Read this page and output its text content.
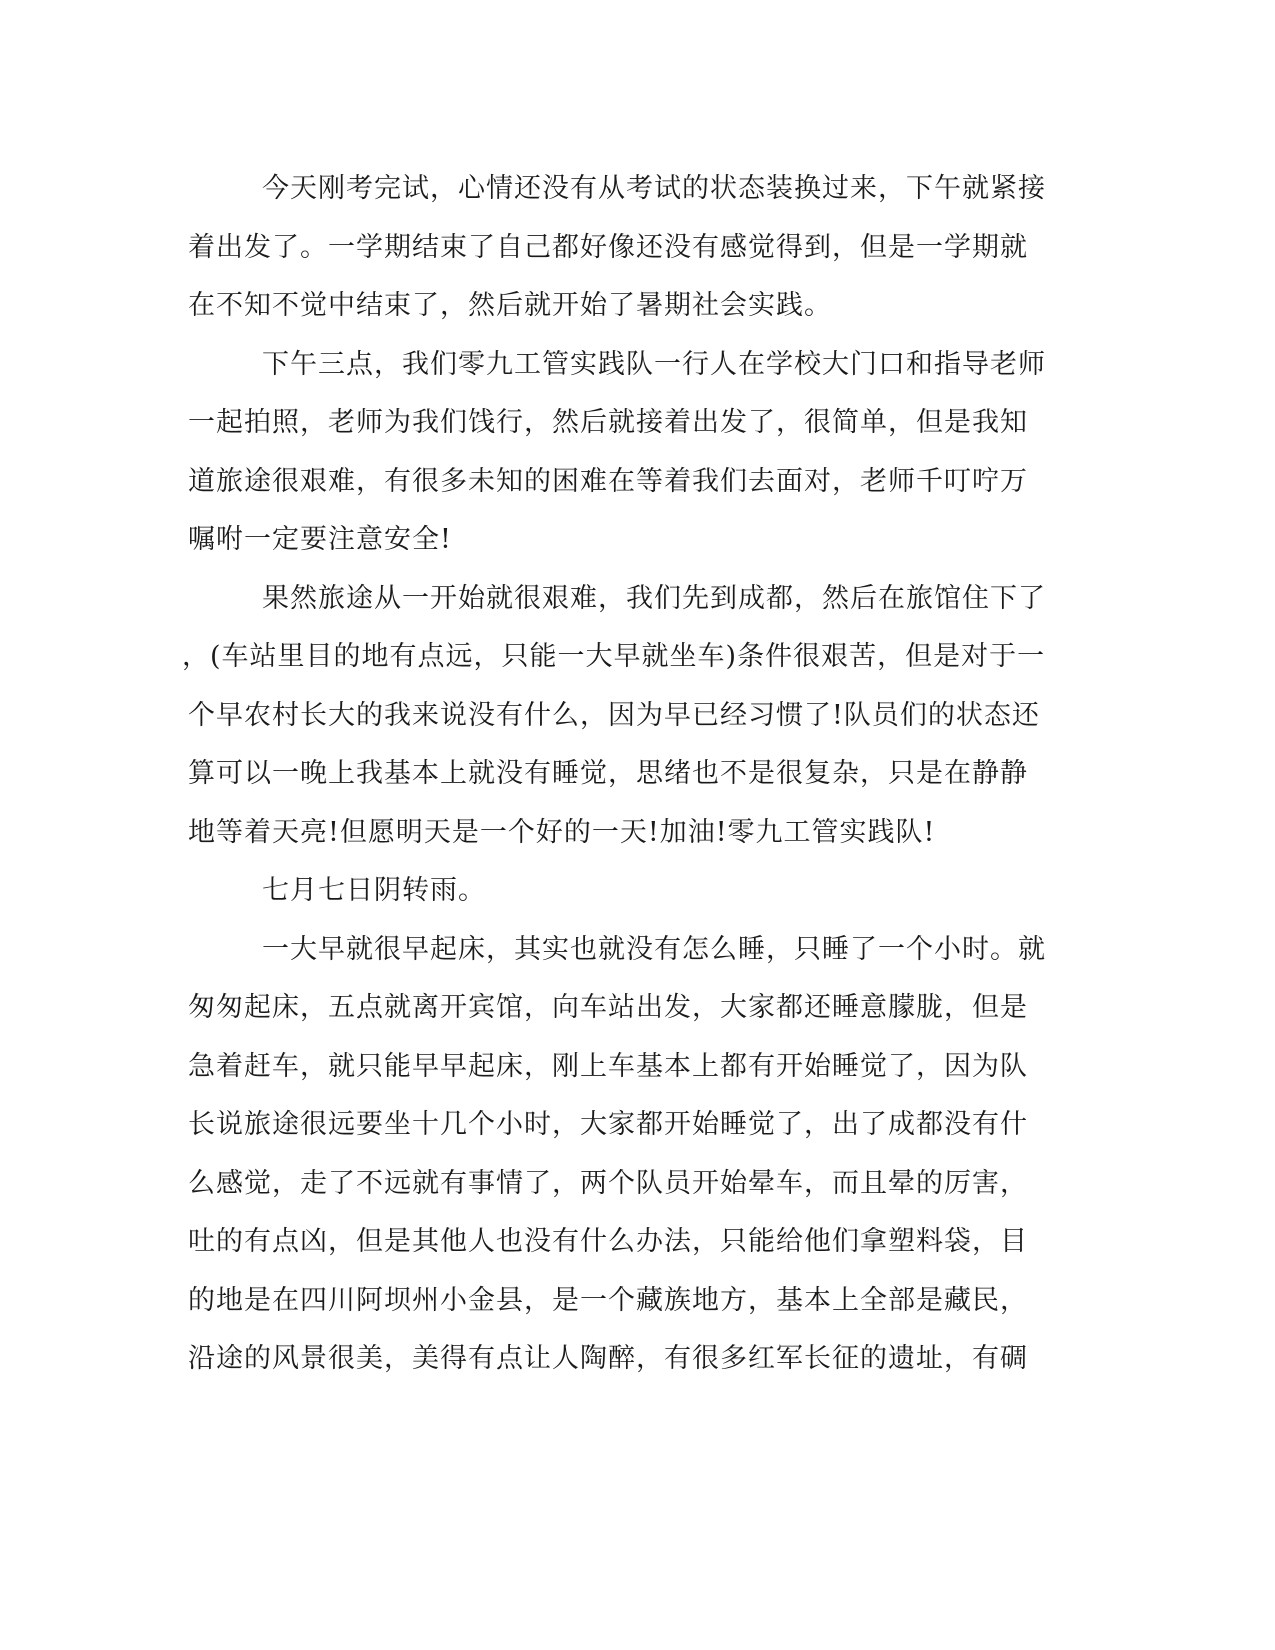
今天刚考完试，心情还没有从考试的状态装换过来，下午就紧接
着出发了。一学期结束了自己都好像还没有感觉得到，但是一学期就
在不知不觉中结束了，然后就开始了暑期社会实践。
下午三点，我们零九工管实践队一行人在学校大门口和指导老师
一起拍照，老师为我们饯行，然后就接着出发了，很简单，但是我知
道旅途很艰难，有很多未知的困难在等着我们去面对，老师千叮咛万
嘱咐一定要注意安全!
果然旅途从一开始就很艰难，我们先到成都，然后在旅馆住下了
，(车站里目的地有点远，只能一大早就坐车)条件很艰苦，但是对于一
个早农村长大的我来说没有什么，因为早已经习惯了!队员们的状态还
算可以一晚上我基本上就没有睡觉，思绪也不是很复杂，只是在静静
地等着天亮!但愿明天是一个好的一天!加油!零九工管实践队!
七月七日阴转雨。
一大早就很早起床，其实也就没有怎么睡，只睡了一个小时。就
匆匆起床，五点就离开宾馆，向车站出发，大家都还睡意朦胧，但是
急着赶车，就只能早早起床，刚上车基本上都有开始睡觉了，因为队
长说旅途很远要坐十几个小时，大家都开始睡觉了，出了成都没有什
么感觉，走了不远就有事情了，两个队员开始晕车，而且晕的厉害，
吐的有点凶，但是其他人也没有什么办法，只能给他们拿塑料袋，目
的地是在四川阿坝州小金县，是一个藏族地方，基本上全部是藏民，
沿途的风景很美，美得有点让人陶醉，有很多红军长征的遗址，有碉
